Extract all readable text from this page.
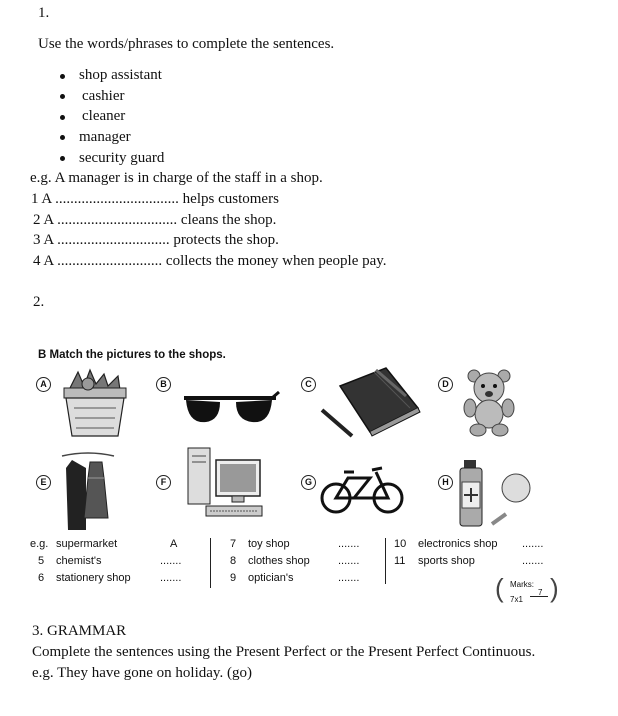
1.
Use the words/phrases to complete the sentences.
shop assistant
cashier
cleaner
manager
security guard
e.g. A manager is in charge of the staff in a shop.
1 A ................................. helps customers
2 A ................................ cleans the shop.
3 A .............................. protects the shop.
4 A ............................ collects the money when people pay.
2.
B Match the pictures to the shops.
A	B	C	D
E	F	G	H
e.g. supermarket	A
5 chemist's	.......
6 stationery shop	.......
7 toy shop	.......
8 clothes shop	.......
9 optician's	.......
10 electronics shop .......
11 sports shop	.......
( Marks:
7x1
7 )
3. GRAMMAR
Complete the sentences using the Present Perfect or the Present Perfect Continuous.
e.g. They have gone on holiday. (go)
